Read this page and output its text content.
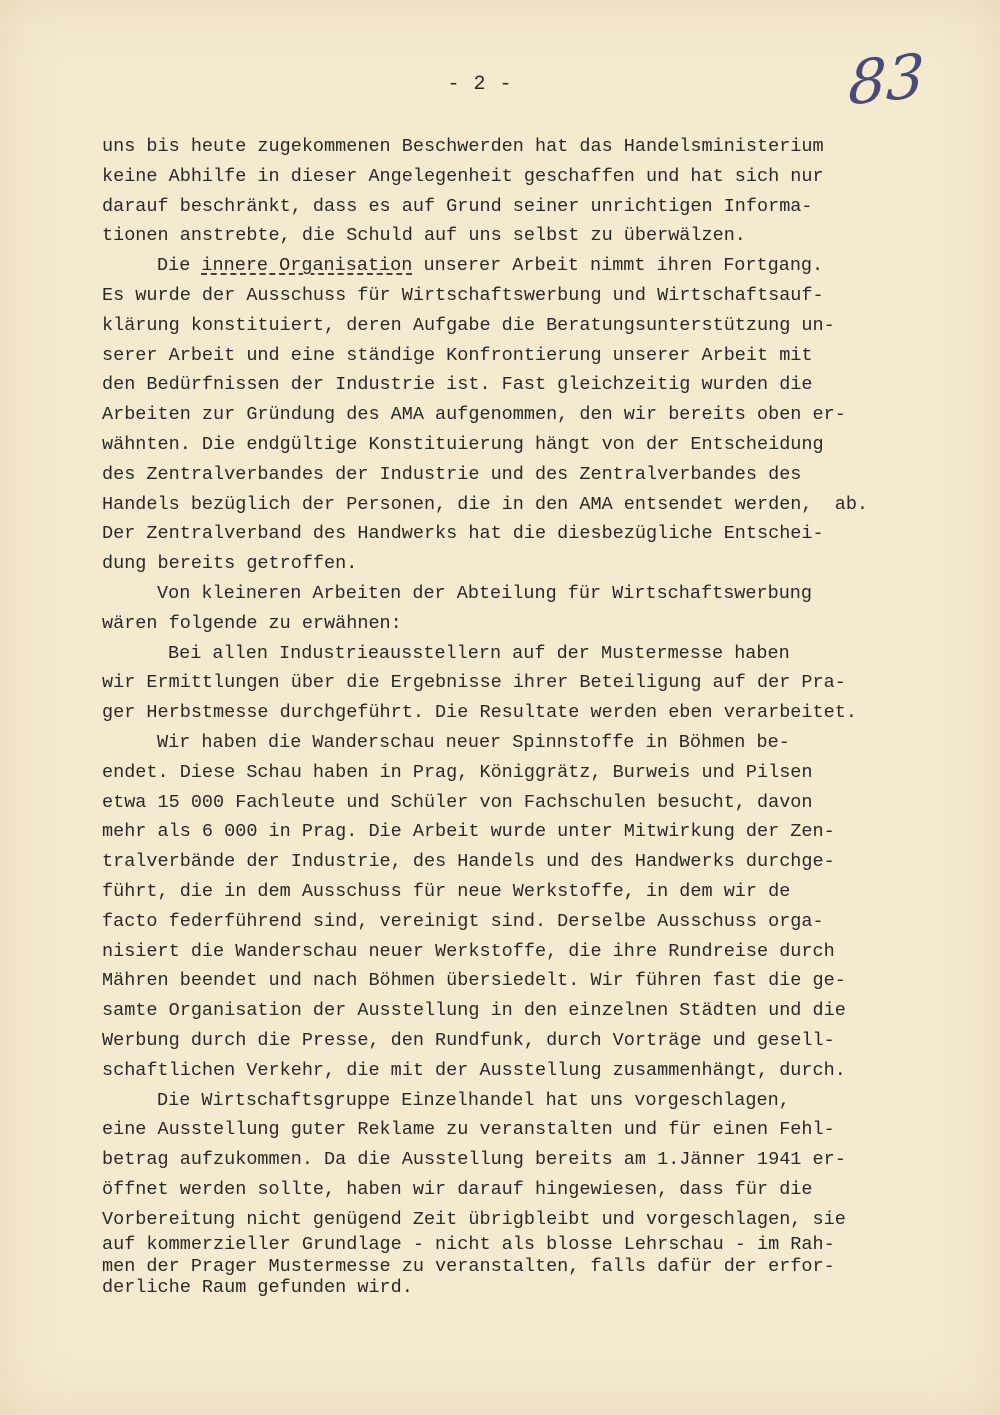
- 2 -	83
uns bis heute zugekommenen Beschwerden hat das Handelsministerium
keine Abhilfe in dieser Angelegenheit geschaffen und hat sich nur
darauf beschränkt, dass es auf Grund seiner unrichtigen Informa-
tionen anstrebte, die Schuld auf uns selbst zu überwälzen.
Die innere Organisation unserer Arbeit nimmt ihren Fortgang.
Es wurde der Ausschuss für Wirtschaftswerbung und Wirtschaftsauf-
klärung konstituiert, deren Aufgabe die Beratungsunterstützung un-
serer Arbeit und eine ständige Konfrontierung unserer Arbeit mit
den Bedürfnissen der Industrie ist. Fast gleichzeitig wurden die
Arbeiten zur Gründung des AMA aufgenommen, den wir bereits oben er-
wähnten. Die endgültige Konstituierung hängt von der Entscheidung
des Zentralverbandes der Industrie und des Zentralverbandes des
Handels bezüglich der Personen, die in den AMA entsendet werden,  ab.
Der Zentralverband des Handwerks hat die diesbezügliche Entschei-
dung bereits getroffen.
Von kleineren Arbeiten der Abteilung für Wirtschaftswerbung
wären folgende zu erwähnen:
Bei allen Industrieausstellern auf der Mustermesse haben
wir Ermittlungen über die Ergebnisse ihrer Beteiligung auf der Pra-
ger Herbstmesse durchgeführt. Die Resultate werden eben verarbeitet.
Wir haben die Wanderschau neuer Spinnstoffe in Böhmen be-
endet. Diese Schau haben in Prag, Königgrätz, Burweis und Pilsen
etwa 15 000 Fachleute und Schüler von Fachschulen besucht, davon
mehr als 6 000 in Prag. Die Arbeit wurde unter Mitwirkung der Zen-
tralverbände der Industrie, des Handels und des Handwerks durchge-
führt, die in dem Ausschuss für neue Werkstoffe, in dem wir de
facto federführend sind, vereinigt sind. Derselbe Ausschuss orga-
nisiert die Wanderschau neuer Werkstoffe, die ihre Rundreise durch
Mähren beendet und nach Böhmen übersiedelt. Wir führen fast die ge-
samte Organisation der Ausstellung in den einzelnen Städten und die
Werbung durch die Presse, den Rundfunk, durch Vorträge und gesell-
schaftlichen Verkehr, die mit der Ausstellung zusammenhängt, durch.
Die Wirtschaftsgruppe Einzelhandel hat uns vorgeschlagen,
eine Ausstellung guter Reklame zu veranstalten und für einen Fehl-
betrag aufzukommen. Da die Ausstellung bereits am 1.Jänner 1941 er-
öffnet werden sollte, haben wir darauf hingewiesen, dass für die
Vorbereitung nicht genügend Zeit übrigbleibt und vorgeschlagen, sie
auf kommerzieller Grundlage - nicht als blosse Lehrschau - im Rah-
men der Prager Mustermesse zu veranstalten, falls dafür der erfor-
derliche Raum gefunden wird.
